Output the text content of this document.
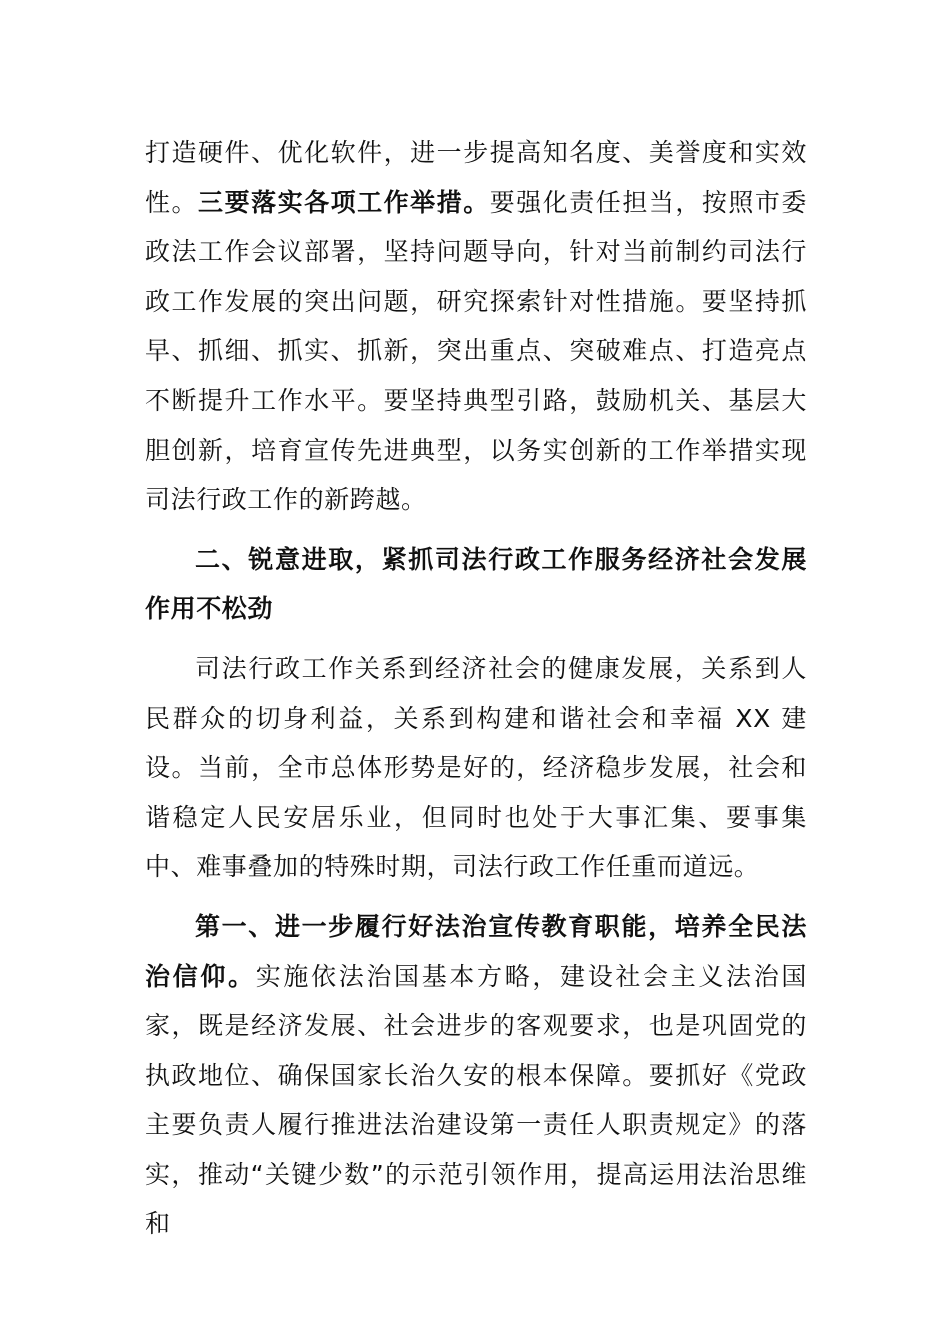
打造硬件、优化软件，进一步提高知名度、美誉度和实效性。三要落实各项工作举措。要强化责任担当，按照市委政法工作会议部署，坚持问题导向，针对当前制约司法行政工作发展的突出问题，研究探索针对性措施。要坚持抓早、抓细、抓实、抓新，突出重点、突破难点、打造亮点不断提升工作水平。要坚持典型引路，鼓励机关、基层大胆创新，培育宣传先进典型，以务实创新的工作举措实现司法行政工作的新跨越。

二、锐意进取，紧抓司法行政工作服务经济社会发展作用不松劲

司法行政工作关系到经济社会的健康发展，关系到人民群众的切身利益，关系到构建和谐社会和幸福 XX 建设。当前，全市总体形势是好的，经济稳步发展，社会和谐稳定人民安居乐业，但同时也处于大事汇集、要事集中、难事叠加的特殊时期，司法行政工作任重而道远。

第一、进一步履行好法治宣传教育职能，培养全民法治信仰。实施依法治国基本方略，建设社会主义法治国家，既是经济发展、社会进步的客观要求，也是巩固党的执政地位、确保国家长治久安的根本保障。要抓好《党政主要负责人履行推进法治建设第一责任人职责规定》的落实，推动“关键少数”的示范引领作用，提高运用法治思维和
